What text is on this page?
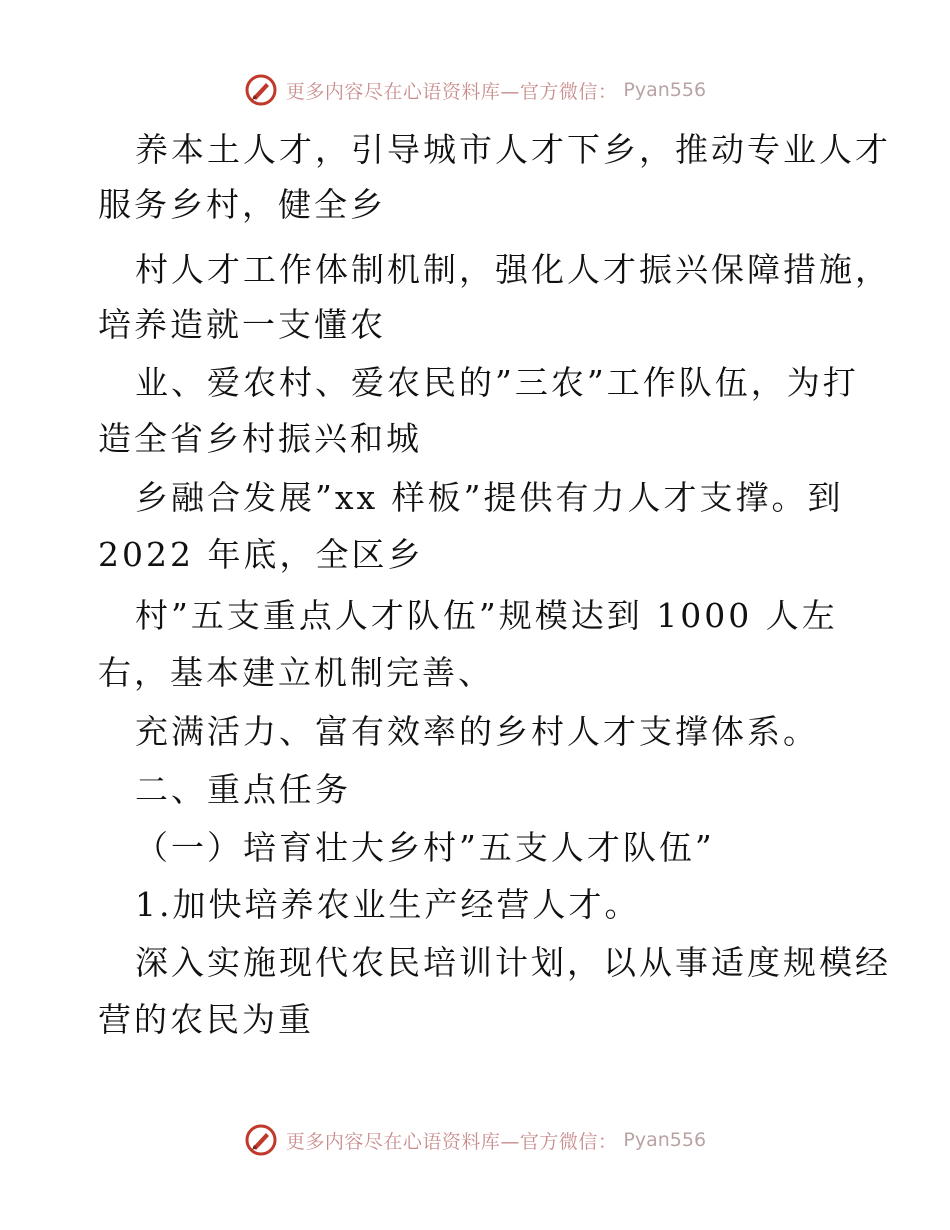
更多内容尽在心语资料库—官方微信： Pyan556
养本土人才，引导城市人才下乡，推动专业人才
服务乡村，健全乡
村人才工作体制机制，强化人才振兴保障措施，
培养造就一支懂农
业、爱农村、爱农民的”三农”工作队伍，为打
造全省乡村振兴和城
乡融合发展”xx 样板”提供有力人才支撑。到
2022 年底，全区乡
村”五支重点人才队伍”规模达到 1000 人左
右，基本建立机制完善、
充满活力、富有效率的乡村人才支撑体系。
二、重点任务
（一）培育壮大乡村”五支人才队伍”
1.加快培养农业生产经营人才。
深入实施现代农民培训计划，以从事适度规模经
营的农民为重
更多内容尽在心语资料库—官方微信： Pyan556
